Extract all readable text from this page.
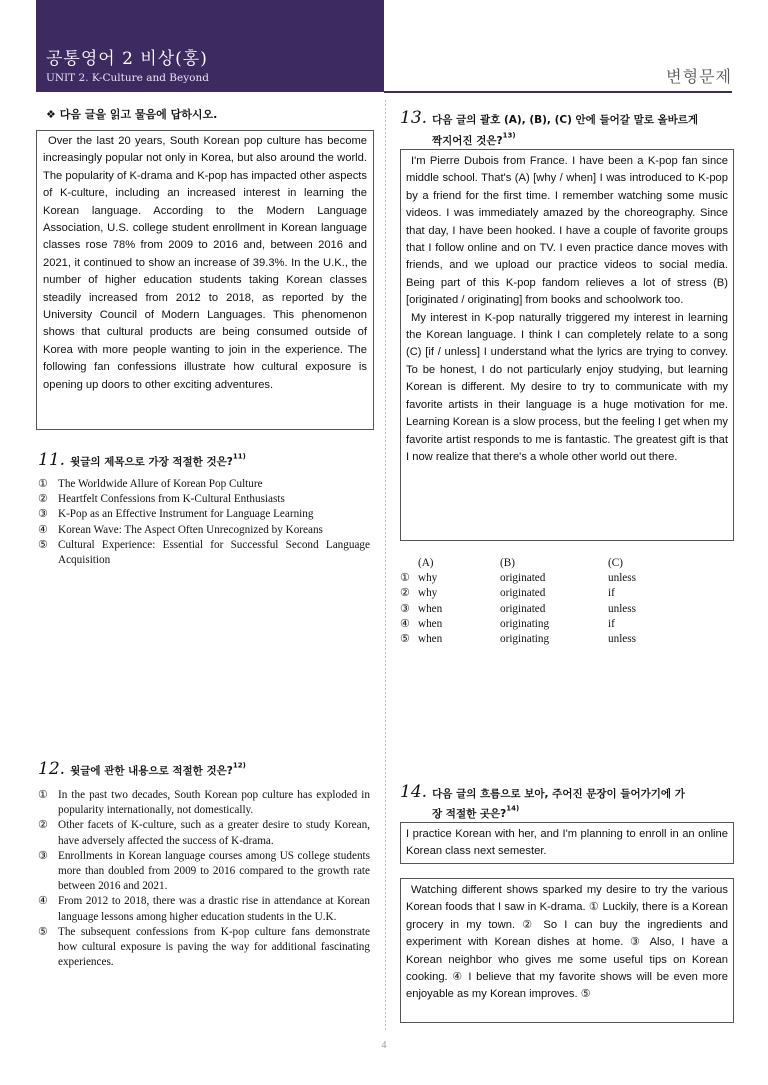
공통영어 2 비상(홍)
UNIT 2. K-Culture and Beyond	변형문제
❖ 다음 글을 읽고 물음에 답하시오.

Over the last 20 years, South Korean pop culture has become increasingly popular not only in Korea, but also around the world. The popularity of K-drama and K-pop has impacted other aspects of K-culture, including an increased interest in learning the Korean language. According to the Modern Language Association, U.S. college student enrollment in Korean language classes rose 78% from 2009 to 2016 and, between 2016 and 2021, it continued to show an increase of 39.3%. In the U.K., the number of higher education students taking Korean classes steadily increased from 2012 to 2018, as reported by the University Council of Modern Languages. This phenomenon shows that cultural products are being consumed outside of Korea with more people wanting to join in the experience. The following fan confessions illustrate how cultural exposure is opening up doors to other exciting adventures.

11. 윗글의 제목으로 가장 적절한 것은?$^{11)}$
① The Worldwide Allure of Korean Pop Culture
② Heartfelt Confessions from K-Cultural Enthusiasts
③ K-Pop as an Effective Instrument for Language Learning
④ Korean Wave: The Aspect Often Unrecognized by Koreans
⑤ Cultural Experience: Essential for Successful Second Language Acquisition
12. 윗글에 관한 내용으로 적절한 것은?$^{12)}$
① In the past two decades, South Korean pop culture has exploded in popularity internationally, not domestically.
② Other facets of K-culture, such as a greater desire to study Korean, have adversely affected the success of K-drama.
③ Enrollments in Korean language courses among US college students more than doubled from 2009 to 2016 compared to the growth rate between 2016 and 2021.
④ From 2012 to 2018, there was a drastic rise in attendance at Korean language lessons among higher education students in the U.K.
⑤ The subsequent confessions from K-pop culture fans demonstrate how cultural exposure is paving the way for additional fascinating experiences.
13. 다음 글의 괄호 (A), (B), (C) 안에 들어갈 말로 올바르게
짝지어진 것은?$^{13)}$

I'm Pierre Dubois from France. I have been a K-pop fan since middle school. That's (A) [why / when] I was introduced to K-pop by a friend for the first time. I remember watching some music videos. I was immediately amazed by the choreography. Since that day, I have been hooked. I have a couple of favorite groups that I follow online and on TV. I even practice dance moves with friends, and we upload our practice videos to social media. Being part of this K-pop fandom relieves a lot of stress (B) [originated / originating] from books and schoolwork too.

My interest in K-pop naturally triggered my interest in learning the Korean language. I think I can completely relate to a song (C) [if / unless] I understand what the lyrics are trying to convey. To be honest, I do not particularly enjoy studying, but learning Korean is different. My desire to try to communicate with my favorite artists in their language is a huge motivation for me. Learning Korean is a slow process, but the feeling I get when my favorite artist responds to me is fantastic. The greatest gift is that I now realize that there's a whole other world out there.

	(A)	(B)	(C)
①	why	originated	unless
②	why	originated	if
③	when	originated	unless
④	when	originating	if
⑤	when	originating	unless
14. 다음 글의 흐름으로 보아, 주어진 문장이 들어가기에 가
장 적절한 곳은?$^{14)}$

I practice Korean with her, and I'm planning to enroll in an online Korean class next semester.

Watching different shows sparked my desire to try the various Korean foods that I saw in K-drama. ① Luckily, there is a Korean grocery in my town. ② So I can buy the ingredients and experiment with Korean dishes at home. ③ Also, I have a Korean neighbor who gives me some useful tips on Korean cooking. ④ I believe that my favorite shows will be even more enjoyable as my Korean improves. ⑤

4
